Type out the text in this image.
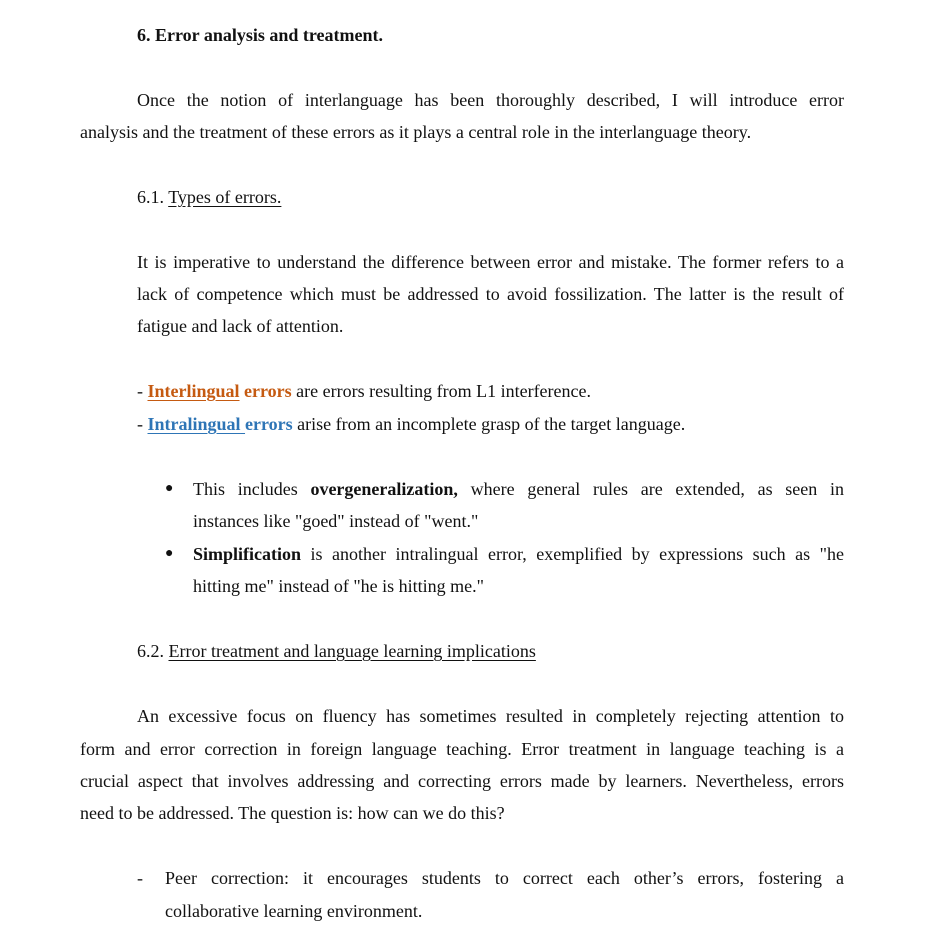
6. Error analysis and treatment.
Once the notion of interlanguage has been thoroughly described, I will introduce error
analysis and the treatment of these errors as it plays a central role in the interlanguage theory.
6.1. Types of errors.
It is imperative to understand the difference between error and mistake. The former refers to a
lack of competence which must be addressed to avoid fossilization. The latter is the result of
fatigue and lack of attention.
- Interlingual errors are errors resulting from L1 interference.
- Intralingual errors arise from an incomplete grasp of the target language.
● This includes overgeneralization, where general rules are extended, as seen in
instances like "goed" instead of "went."
● Simplification is another intralingual error, exemplified by expressions such as "he
hitting me" instead of "he is hitting me."
6.2. Error treatment and language learning implications
An excessive focus on fluency has sometimes resulted in completely rejecting attention to
form and error correction in foreign language teaching. Error treatment in language teaching is a
crucial aspect that involves addressing and correcting errors made by learners. Nevertheless, errors
need to be addressed. The question is: how can we do this?
- Peer correction: it encourages students to correct each other’s errors, fostering a
collaborative learning environment.
